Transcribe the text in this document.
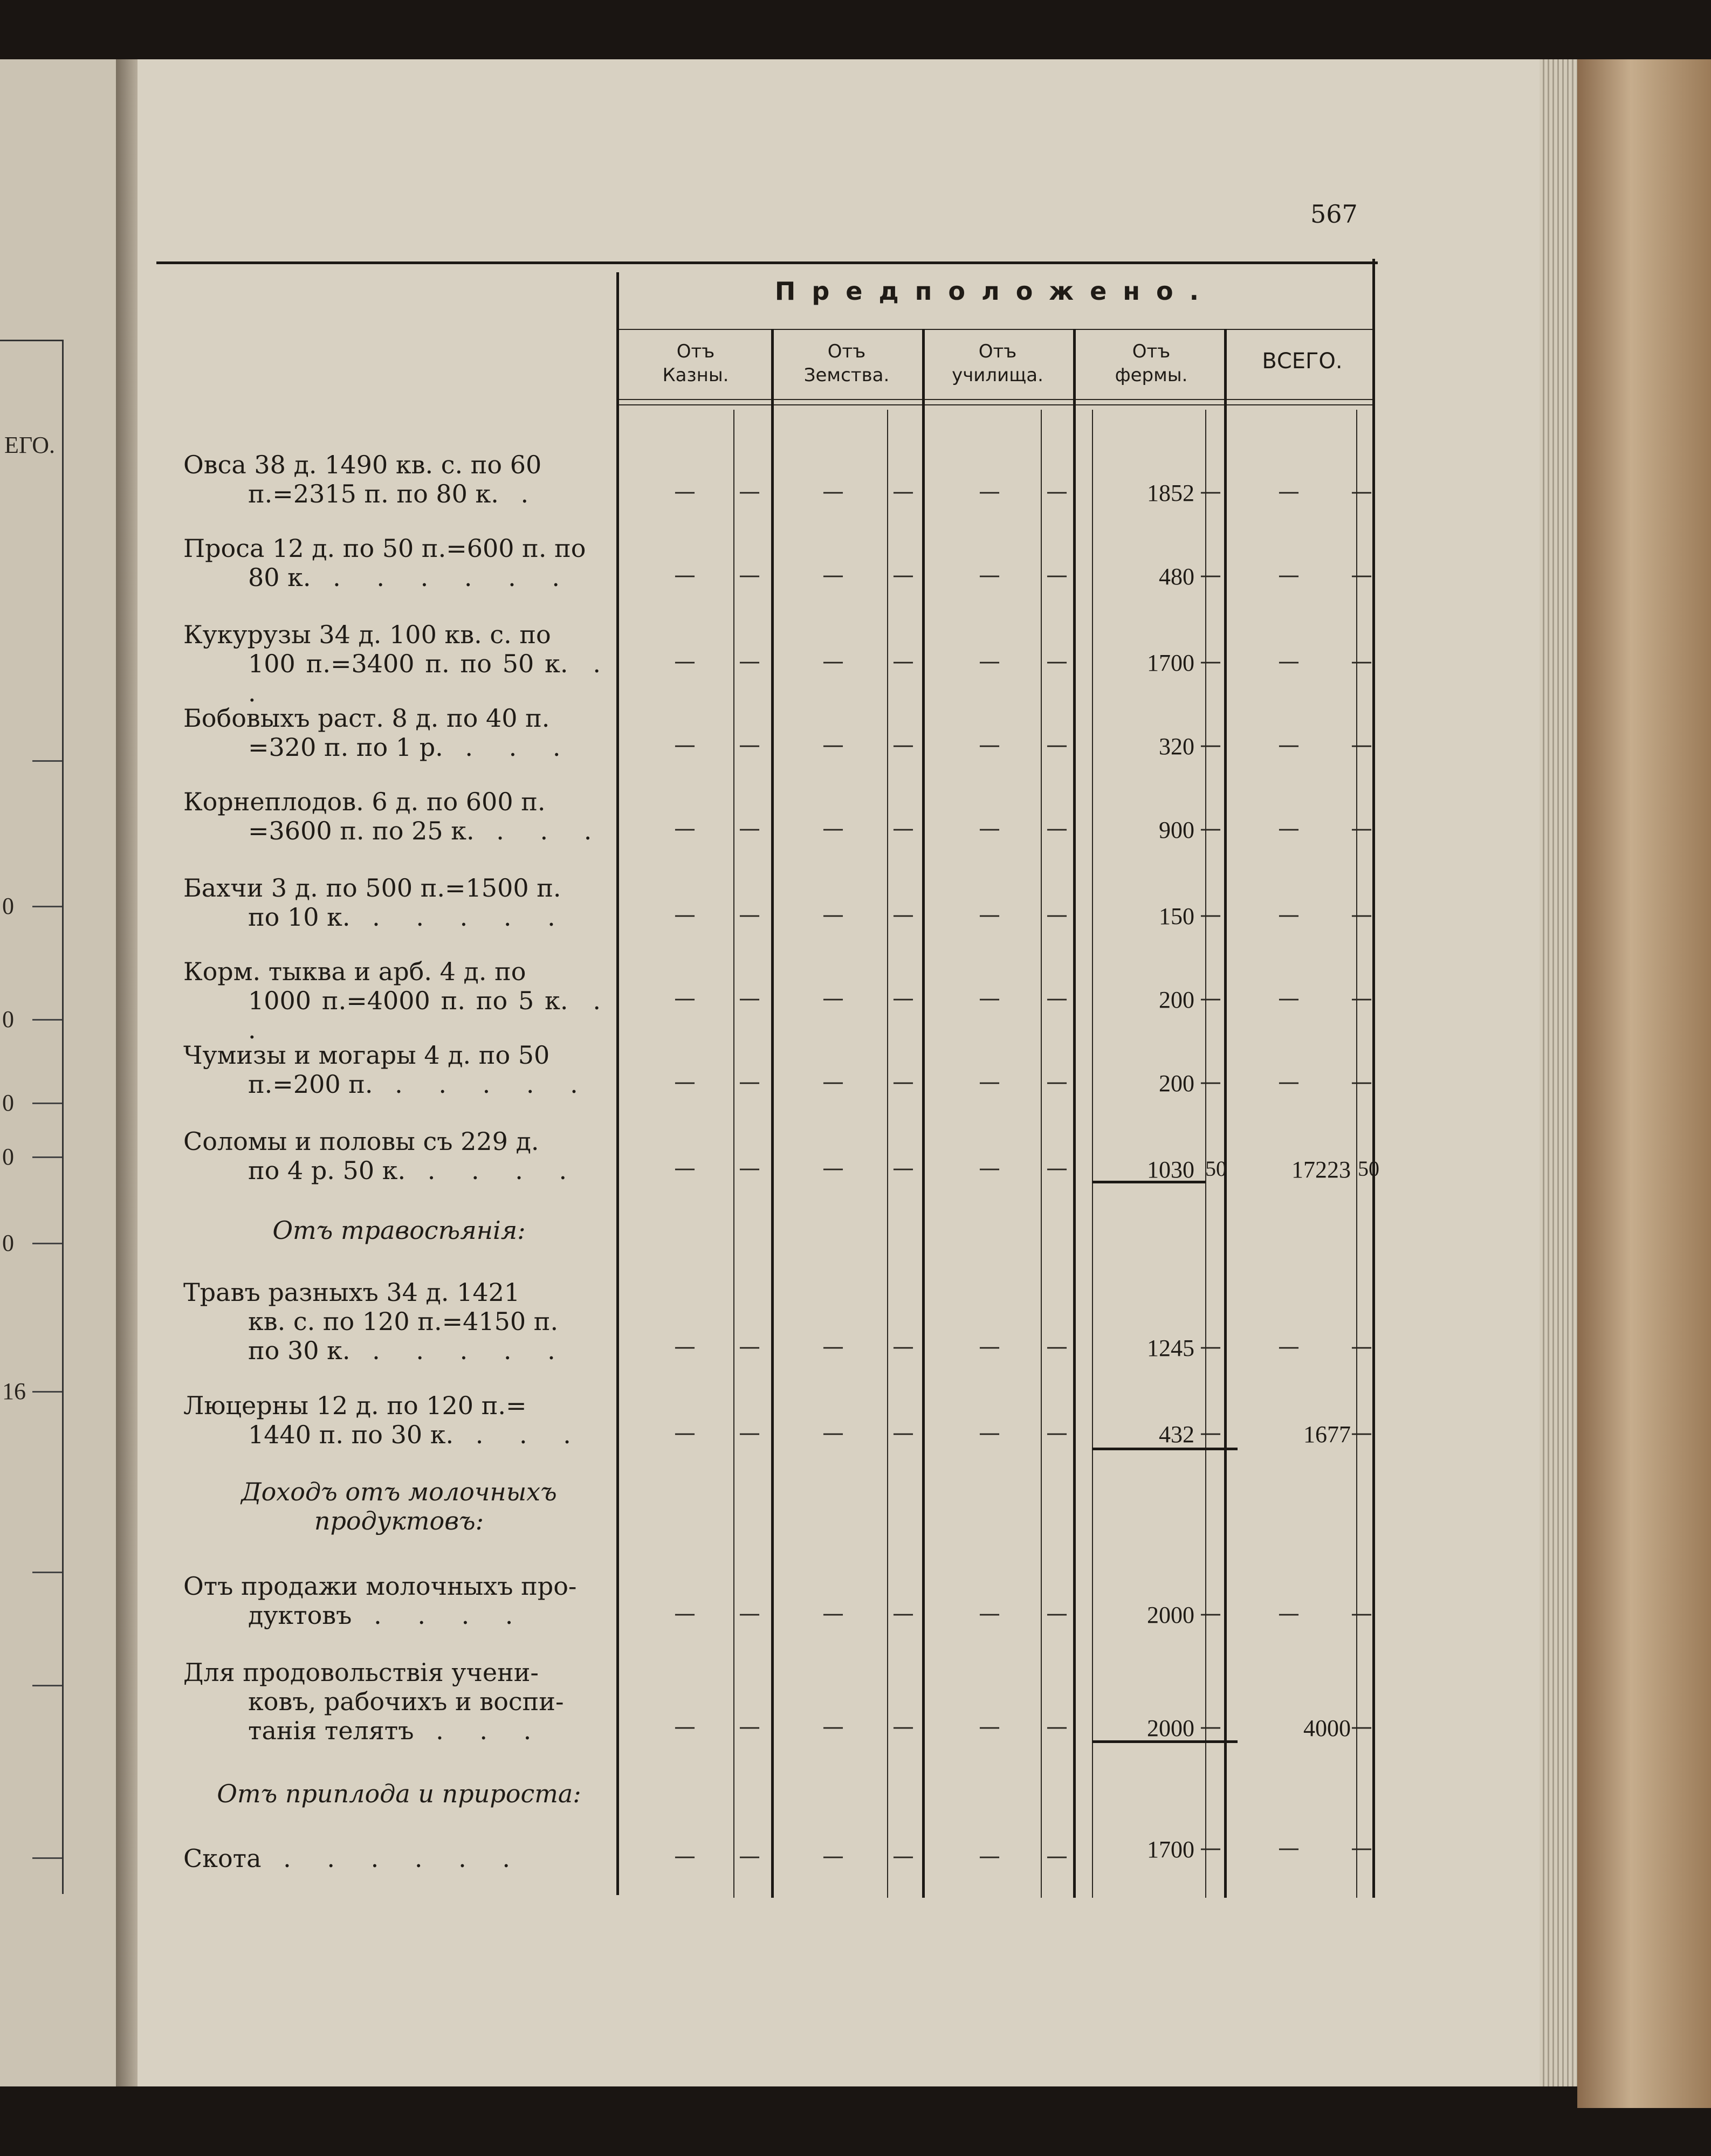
ЕГО.
0
0
0
0
0
16
567
Предположено.
Отъ Казны.
Отъ Земства.
Отъ училища.
Отъ фермы.
ВСЕГО.
Овса 38 д. 1490 кв. с. по 60
п.=2315 п. по 80 к. .	— —	— —	— —	1852 —	— —
Проса 12 д. по 50 п.=600 п. по
80 к. . . . . . .	— —	— —	— —	480 —	— —
Кукурузы 34 д. 100 кв. с. по
100 п.=3400 п. по 50 к. . .
— —	— —	— —	1700 —	— —
Бобовыхъ раст. 8 д. по 40 п.
=320 п. по 1 р. . . .	— —	— —	— —	320 —	— —
Корнеплодов. 6 д. по 600 п.
=3600 п. по 25 к. . . .	— —	— —	— —	900 —	— —
Бахчи 3 д. по 500 п.=1500 п.
по 10 к. . . . . .	— —	— —	— —	150 —	— —
Корм. тыква и арб. 4 д. по
1000 п.=4000 п. по 5 к. . .
— —	— —	— —	200 —	— —
Чумизы и могары 4 д. по 50
п.=200 п. . . . . .	— —	— —	— —	200 —	— —
Соломы и половы съ 229 д.
по 4 р. 50 к. . . . .	— —	— —	— —	1030 50	17223 50
Отъ травосѣянія:
Травъ разныхъ 34 д. 1421
кв. с. по 120 п.=4150 п.
по 30 к. . . . . .	— —	— —	— —	1245 —	— —
Люцерны 12 д. по 120 п.=
1440 п. по 30 к. . . .	— —	— —	— —	432 —	1677 —
Доходъ отъ молочныхъ продуктовъ:
Отъ продажи молочныхъ про-
дуктовъ . . . .	— —	— —	— —	2000 —	— —
Для продовольствія учени-
ковъ, рабочихъ и воспи-
танія телятъ . . .	— —	— —	— —	2000 —	4000 —
Отъ приплода и прироста:
Скота . . . . . .	— —	— —	— —	1700 —	— —
